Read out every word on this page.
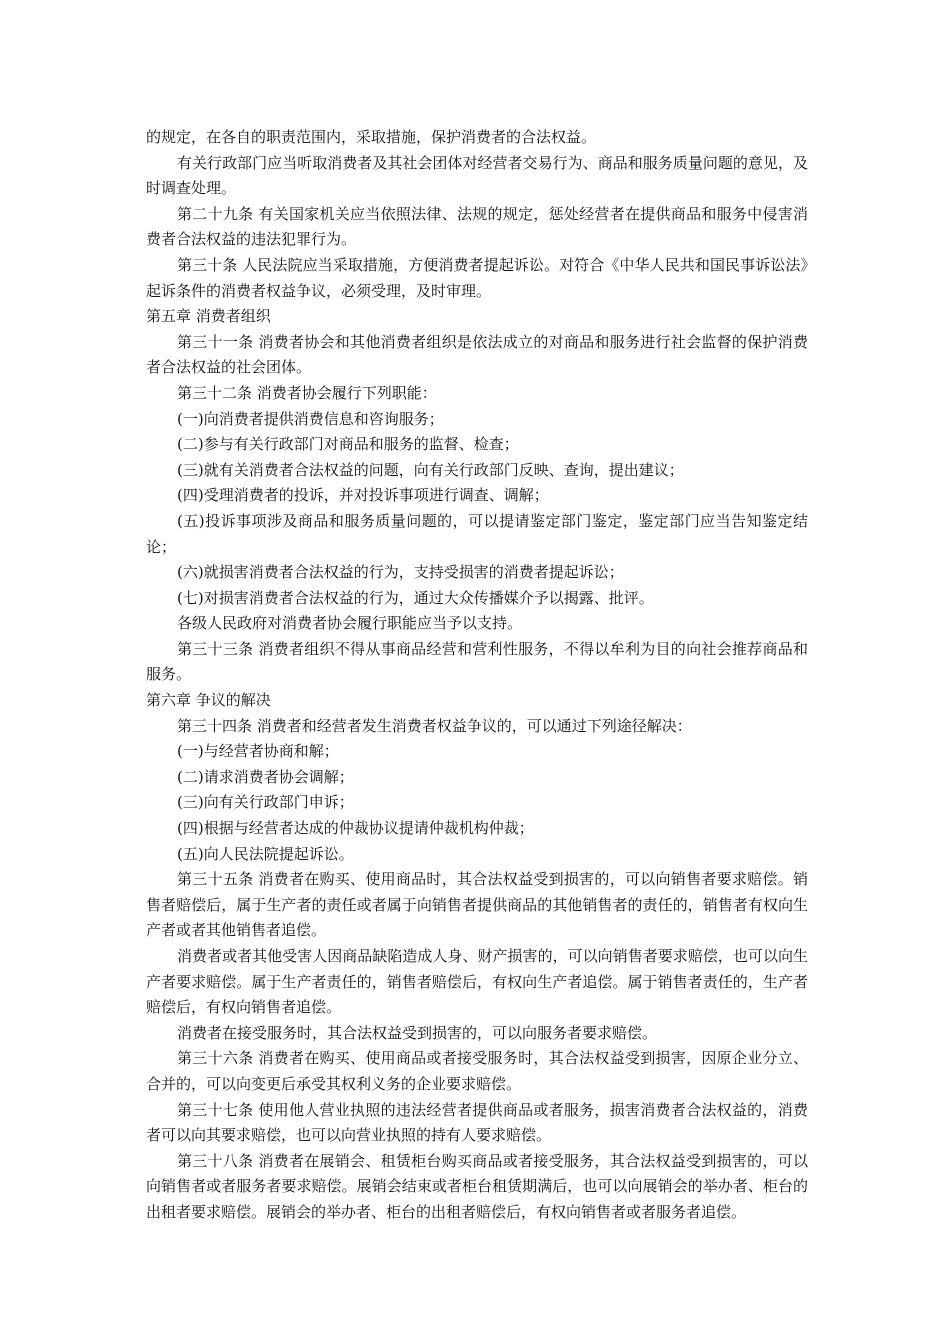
的规定，在各自的职责范围内，采取措施，保护消费者的合法权益。

有关行政部门应当听取消费者及其社会团体对经营者交易行为、商品和服务质量问题的意见，及时调查处理。

第二十九条 有关国家机关应当依照法律、法规的规定，惩处经营者在提供商品和服务中侵害消费者合法权益的违法犯罪行为。

第三十条 人民法院应当采取措施，方便消费者提起诉讼。对符合《中华人民共和国民事诉讼法》起诉条件的消费者权益争议，必须受理，及时审理。

第五章 消费者组织

第三十一条 消费者协会和其他消费者组织是依法成立的对商品和服务进行社会监督的保护消费者合法权益的社会团体。

第三十二条 消费者协会履行下列职能：

(一)向消费者提供消费信息和咨询服务；

(二)参与有关行政部门对商品和服务的监督、检查；

(三)就有关消费者合法权益的问题，向有关行政部门反映、查询，提出建议；

(四)受理消费者的投诉，并对投诉事项进行调查、调解；

(五)投诉事项涉及商品和服务质量问题的，可以提请鉴定部门鉴定，鉴定部门应当告知鉴定结论；

(六)就损害消费者合法权益的行为，支持受损害的消费者提起诉讼；

(七)对损害消费者合法权益的行为，通过大众传播媒介予以揭露、批评。

各级人民政府对消费者协会履行职能应当予以支持。

第三十三条 消费者组织不得从事商品经营和营利性服务，不得以牟利为目的向社会推荐商品和服务。

第六章 争议的解决

第三十四条 消费者和经营者发生消费者权益争议的，可以通过下列途径解决：

(一)与经营者协商和解；

(二)请求消费者协会调解；

(三)向有关行政部门申诉；

(四)根据与经营者达成的仲裁协议提请仲裁机构仲裁；

(五)向人民法院提起诉讼。

第三十五条 消费者在购买、使用商品时，其合法权益受到损害的，可以向销售者要求赔偿。销售者赔偿后，属于生产者的责任或者属于向销售者提供商品的其他销售者的责任的，销售者有权向生产者或者其他销售者追偿。

消费者或者其他受害人因商品缺陷造成人身、财产损害的，可以向销售者要求赔偿，也可以向生产者要求赔偿。属于生产者责任的，销售者赔偿后，有权向生产者追偿。属于销售者责任的，生产者赔偿后，有权向销售者追偿。

消费者在接受服务时，其合法权益受到损害的，可以向服务者要求赔偿。

第三十六条 消费者在购买、使用商品或者接受服务时，其合法权益受到损害，因原企业分立、合并的，可以向变更后承受其权利义务的企业要求赔偿。

第三十七条 使用他人营业执照的违法经营者提供商品或者服务，损害消费者合法权益的，消费者可以向其要求赔偿，也可以向营业执照的持有人要求赔偿。

第三十八条 消费者在展销会、租赁柜台购买商品或者接受服务，其合法权益受到损害的，可以向销售者或者服务者要求赔偿。展销会结束或者柜台租赁期满后，也可以向展销会的举办者、柜台的出租者要求赔偿。展销会的举办者、柜台的出租者赔偿后，有权向销售者或者服务者追偿。
